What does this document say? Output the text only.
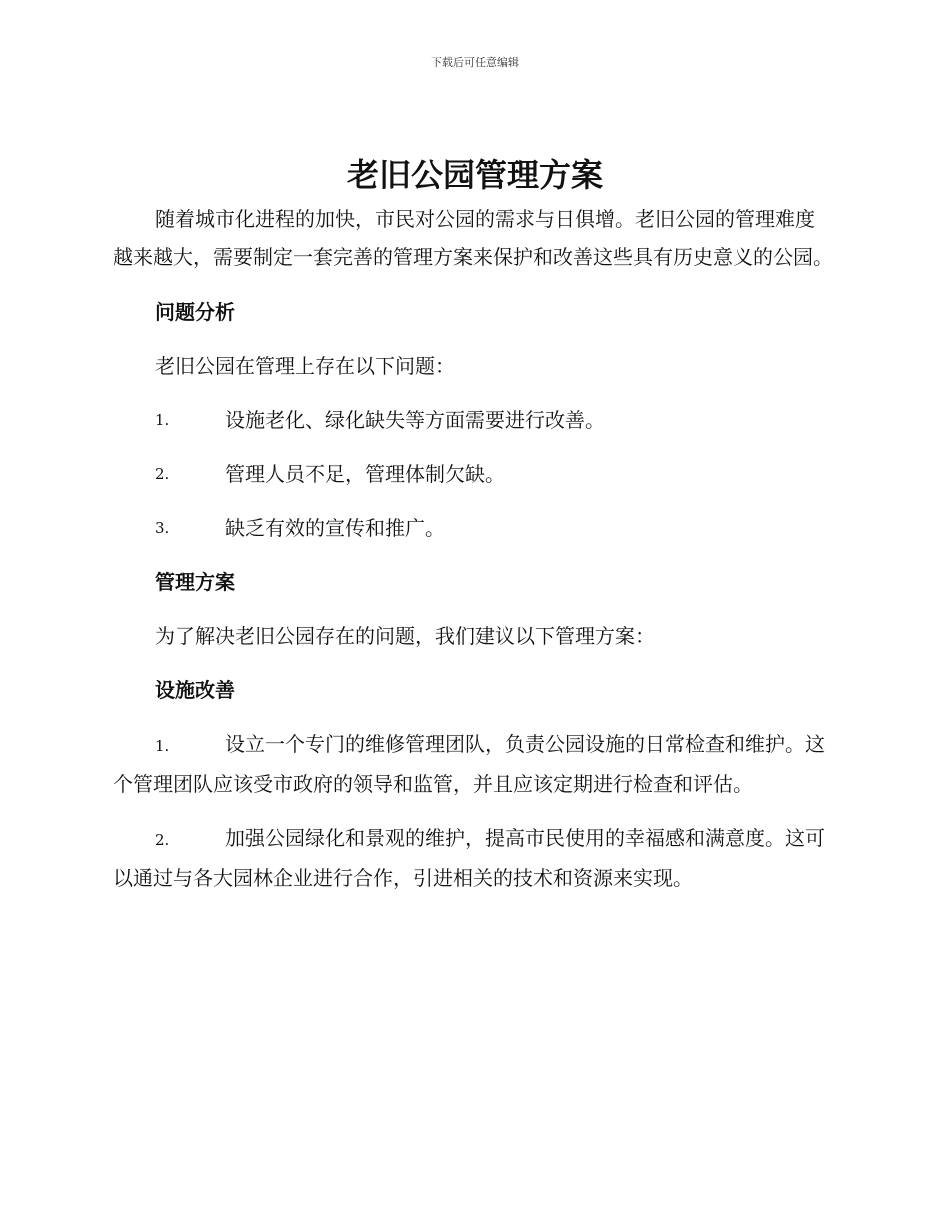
下载后可任意编辑
老旧公园管理方案

随着城市化进程的加快，市民对公园的需求与日俱增。老旧公园的管理难度越来越大，需要制定一套完善的管理方案来保护和改善这些具有历史意义的公园。

问题分析

老旧公园在管理上存在以下问题：

1.	设施老化、绿化缺失等方面需要进行改善。
2.	管理人员不足，管理体制欠缺。
3.	缺乏有效的宣传和推广。

管理方案

为了解决老旧公园存在的问题，我们建议以下管理方案：

设施改善

1.	设立一个专门的维修管理团队，负责公园设施的日常检查和维护。这个管理团队应该受市政府的领导和监管，并且应该定期进行检查和评估。

2.	加强公园绿化和景观的维护，提高市民使用的幸福感和满意度。这可以通过与各大园林企业进行合作，引进相关的技术和资源来实现。
